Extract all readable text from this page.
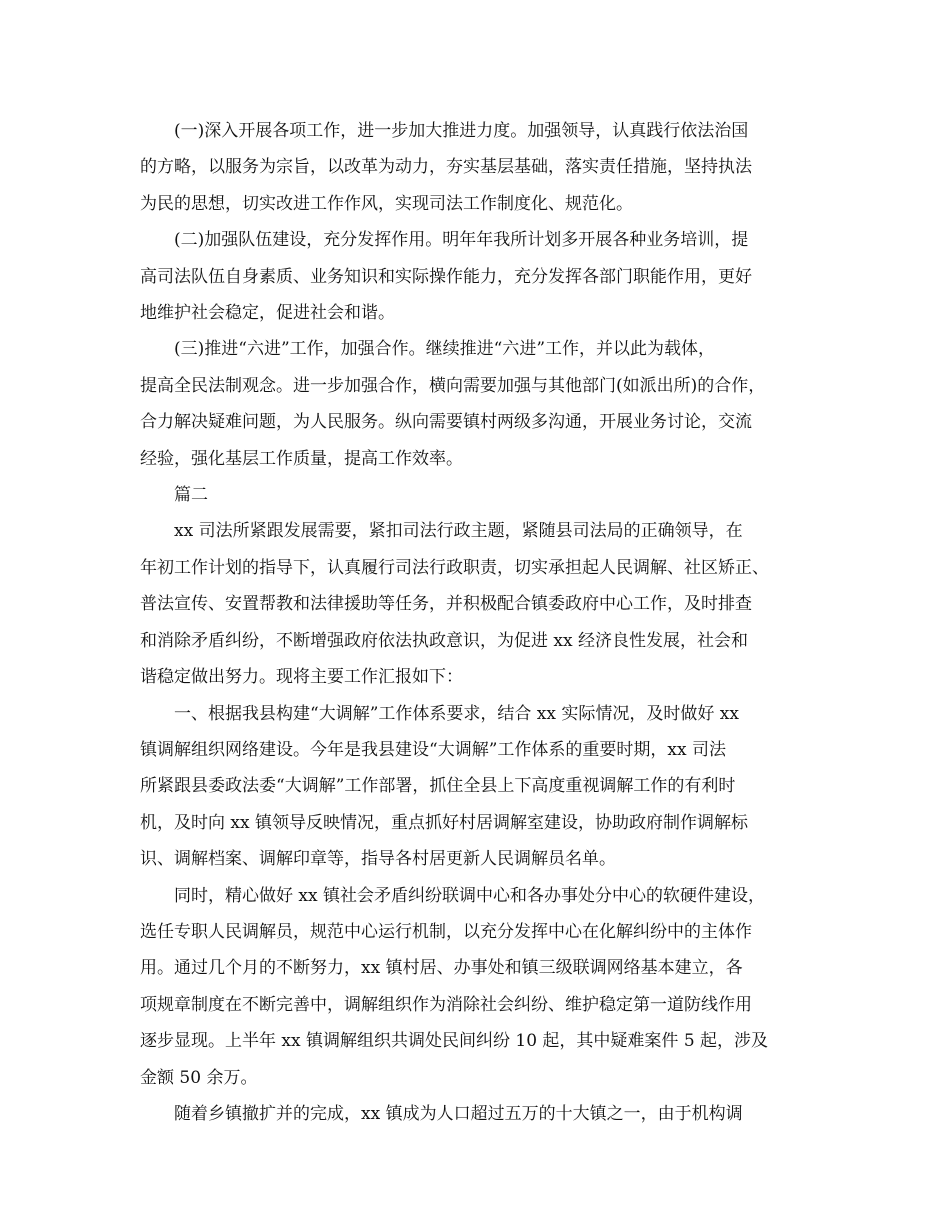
(一)深入开展各项工作，进一步加大推进力度。加强领导，认真践行依法治国
的方略，以服务为宗旨，以改革为动力，夯实基层基础，落实责任措施，坚持执法
为民的思想，切实改进工作作风，实现司法工作制度化、规范化。

(二)加强队伍建设，充分发挥作用。明年年我所计划多开展各种业务培训，提
高司法队伍自身素质、业务知识和实际操作能力，充分发挥各部门职能作用，更好
地维护社会稳定，促进社会和谐。

(三)推进“六进”工作，加强合作。继续推进“六进”工作，并以此为载体，
提高全民法制观念。进一步加强合作，横向需要加强与其他部门(如派出所)的合作，
合力解决疑难问题，为人民服务。纵向需要镇村两级多沟通，开展业务讨论，交流
经验，强化基层工作质量，提高工作效率。

篇二

xx 司法所紧跟发展需要，紧扣司法行政主题，紧随县司法局的正确领导，在
年初工作计划的指导下，认真履行司法行政职责，切实承担起人民调解、社区矫正、
普法宣传、安置帮教和法律援助等任务，并积极配合镇委政府中心工作，及时排查
和消除矛盾纠纷，不断增强政府依法执政意识，为促进 xx 经济良性发展，社会和
谐稳定做出努力。现将主要工作汇报如下：

一、根据我县构建“大调解”工作体系要求，结合 xx 实际情况，及时做好 xx
镇调解组织网络建设。今年是我县建设“大调解”工作体系的重要时期，xx 司法
所紧跟县委政法委“大调解”工作部署，抓住全县上下高度重视调解工作的有利时
机，及时向 xx 镇领导反映情况，重点抓好村居调解室建设，协助政府制作调解标
识、调解档案、调解印章等，指导各村居更新人民调解员名单。

同时，精心做好 xx 镇社会矛盾纠纷联调中心和各办事处分中心的软硬件建设，
选任专职人民调解员，规范中心运行机制，以充分发挥中心在化解纠纷中的主体作
用。通过几个月的不断努力，xx 镇村居、办事处和镇三级联调网络基本建立，各
项规章制度在不断完善中，调解组织作为消除社会纠纷、维护稳定第一道防线作用
逐步显现。上半年 xx 镇调解组织共调处民间纠纷 10 起，其中疑难案件 5 起，涉及
金额 50 余万。

随着乡镇撤扩并的完成，xx 镇成为人口超过五万的十大镇之一，由于机构调
